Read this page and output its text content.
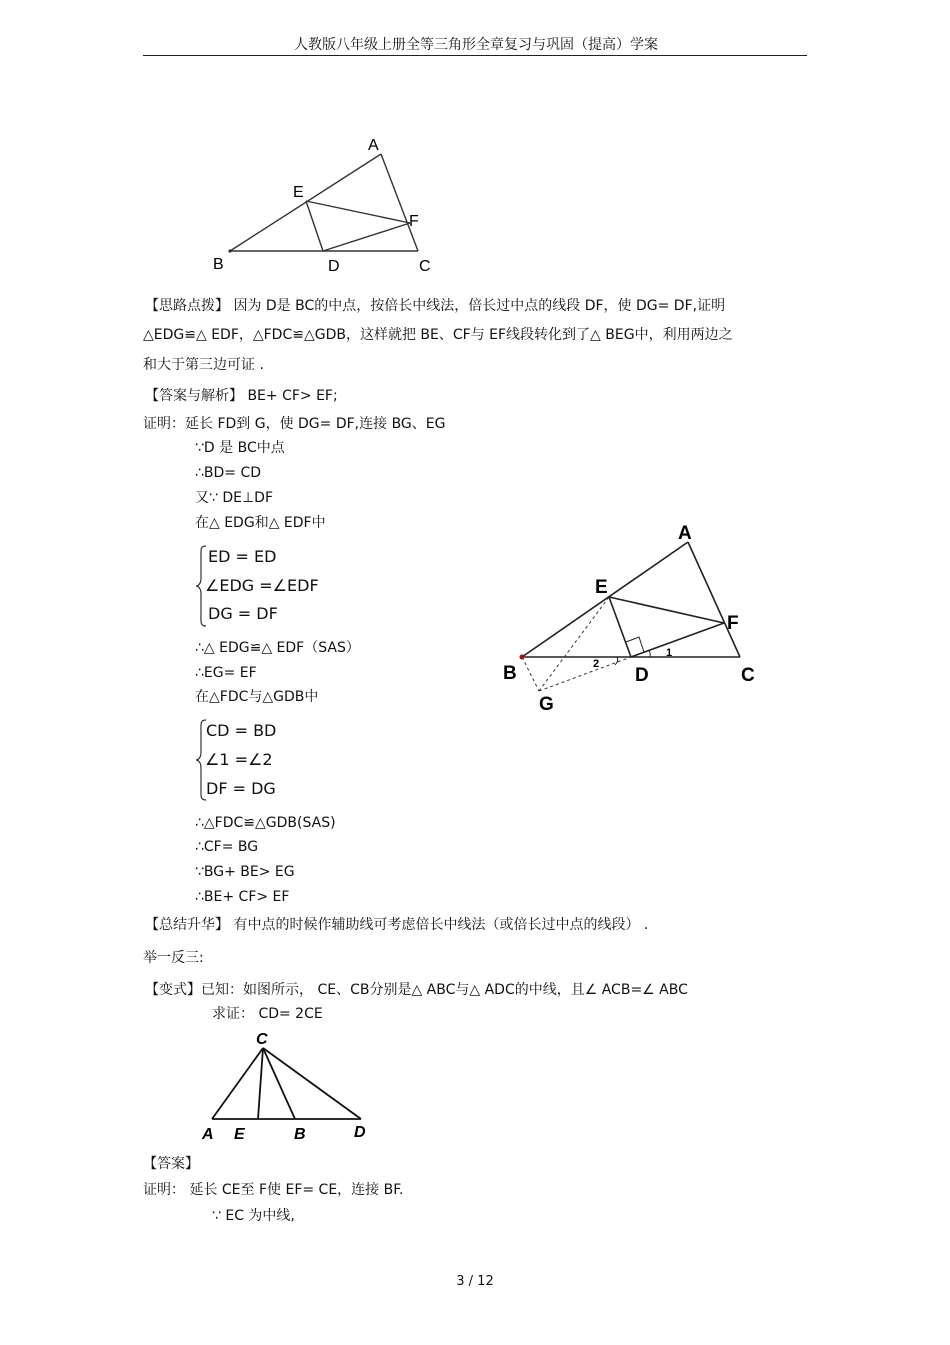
人教版八年级上册全等三角形全章复习与巩固（提高）学案
A
E
F
B	D	C
【思路点拨】 因为 D是 BC的中点，按倍长中线法，倍长过中点的线段 DF，使 DG= DF,证明
△EDG≌△ EDF，△FDC≌△GDB，这样就把 BE、CF与 EF线段转化到了△ BEG中，利用两边之
和大于第三边可证 .
【答案与解析】 BE+ CF> EF;
证明：延长 FD到 G，使 DG= DF,连接 BG、EG
∵D 是 BC中点
∴BD= CD
又∵ DE⊥DF
在△ EDG和△ EDF中
ED = ED
∠EDG =∠EDF
DG = DF
∴△ EDG≌△ EDF（SAS）
∴EG= EF
在△FDC与△GDB中
CD = BD
∠1 =∠2
DF = DG
∴△FDC≌△GDB(SAS)
∴CF= BG
∵BG+ BE> EG
∴BE+ CF> EF
A
E
F
B	D	C
G
1
2
【总结升华】 有中点的时候作辅助线可考虑倍长中线法（或倍长过中点的线段） .
举一反三:
【变式】已知：如图所示， CE、CB分别是△ ABC与△ ADC的中线，且∠ ACB=∠ ABC
求证： CD= 2CE
C
A E	B	D
【答案】
证明： 延长 CE至 F使 EF= CE，连接 BF.
∵ EC 为中线,
3 / 12
